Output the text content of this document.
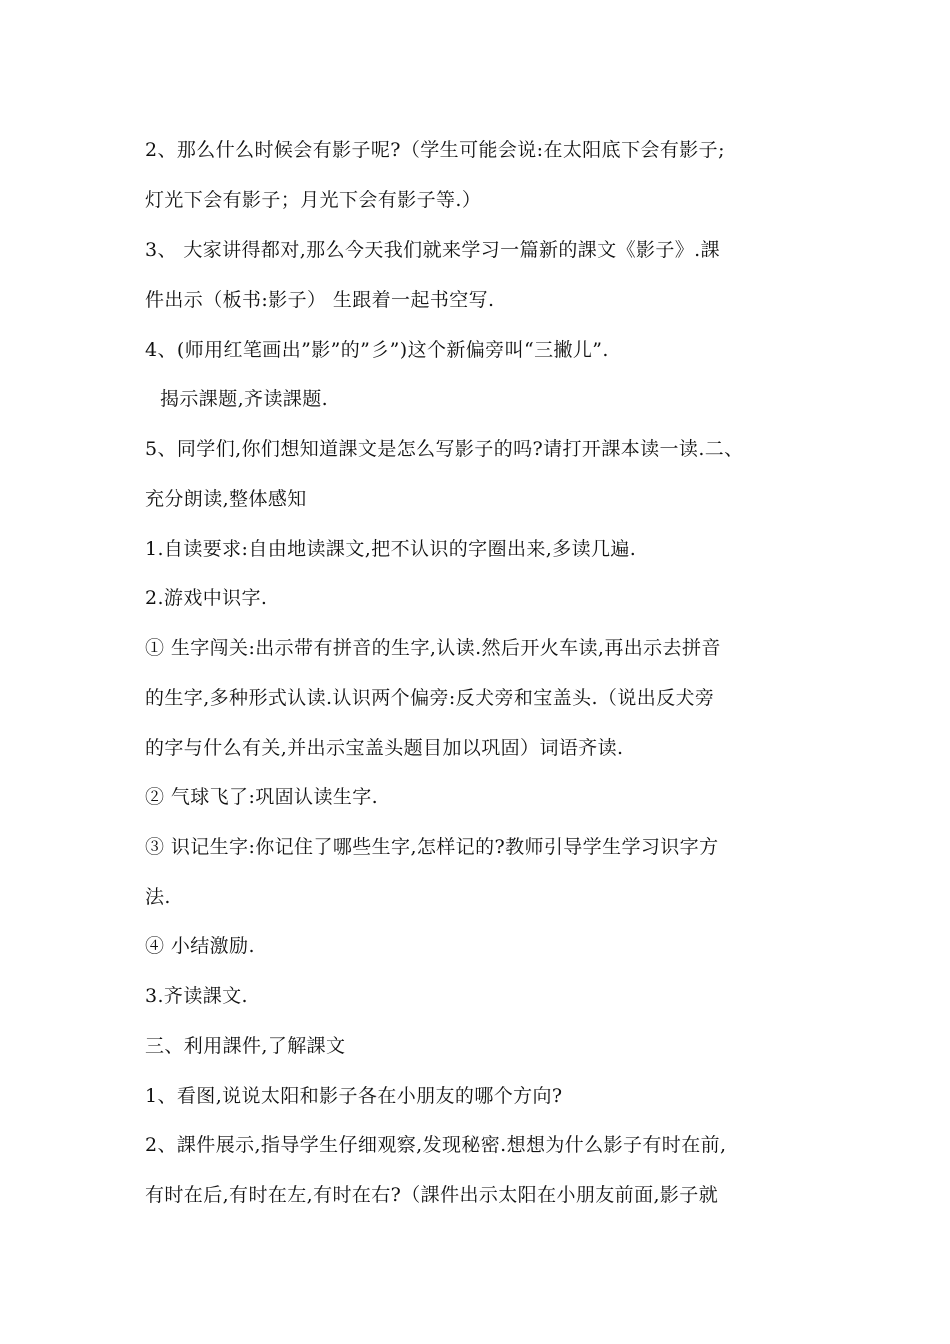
2、那么什么时候会有影子呢?（学生可能会说:在太阳底下会有影子;
灯光下会有影子；月光下会有影子等.）
3、 大家讲得都对,那么今天我们就来学习一篇新的課文《影子》.課
件出示（板书:影子） 生跟着一起书空写.
4、(师用红笔画出”影”的”彡”)这个新偏旁叫“三撇儿”.
揭示課题,齐读課题.
5、同学们,你们想知道課文是怎么写影子的吗?请打开課本读一读.二、
充分朗读,整体感知
1.自读要求:自由地读課文,把不认识的字圈出来,多读几遍.
2.游戏中识字.
① 生字闯关:出示带有拼音的生字,认读.然后开火车读,再出示去拼音
的生字,多种形式认读.认识两个偏旁:反犬旁和宝盖头.（说出反犬旁
的字与什么有关,并出示宝盖头题目加以巩固）词语齐读.
② 气球飞了:巩固认读生字.
③ 识记生字:你记住了哪些生字,怎样记的?教师引导学生学习识字方
法.
④ 小结激励.
3.齐读課文.
三、利用課件,了解課文
1、看图,说说太阳和影子各在小朋友的哪个方向?
2、課件展示,指导学生仔细观察,发现秘密.想想为什么影子有时在前,
有时在后,有时在左,有时在右?（課件出示太阳在小朋友前面,影子就
